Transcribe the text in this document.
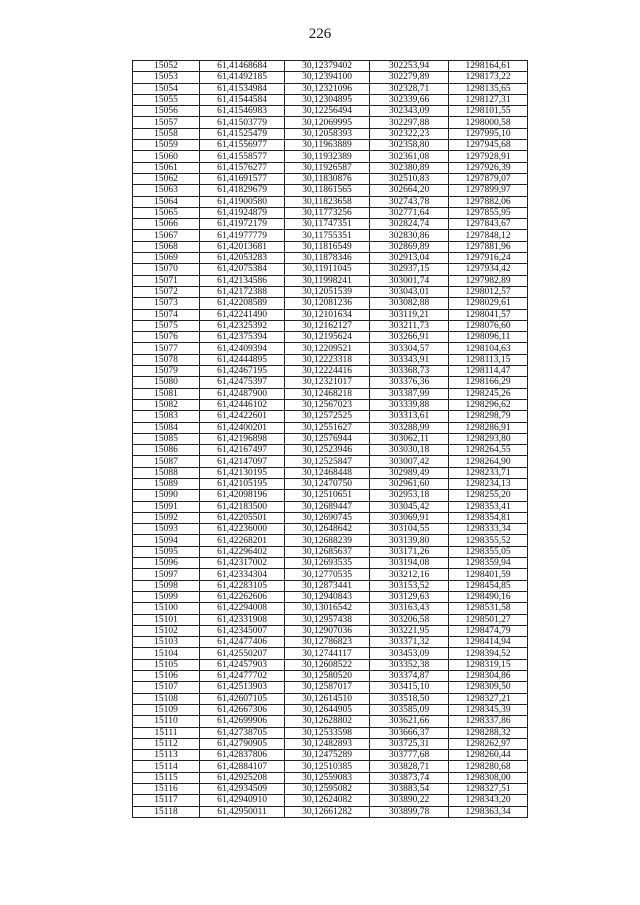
226
15052	61,41468684	30,12379402	302253,94	1298164,61
15053	61,41492185	30,12394100	302279,89	1298173,22
15054	61,41534984	30,12321096	302328,71	1298135,65
15055	61,41544584	30,12304895	302339,66	1298127,31
15056	61,41546983	30,12256494	302343,09	1298101,55
15057	61,41503779	30,12069995	302297,88	1298000,58
15058	61,41525479	30,12058393	302322,23	1297995,10
15059	61,41556977	30,11963889	302358,80	1297945,68
15060	61,41558577	30,11932389	302361,08	1297928,91
15061	61,41576277	30,11926587	302380,89	1297926,39
15062	61,41691577	30,11830876	302510,83	1297879,07
15063	61,41829679	30,11861565	302664,20	1297899,97
15064	61,41900580	30,11823658	302743,78	1297882,06
15065	61,41924879	30,11773256	302771,64	1297855,95
15066	61,41972179	30,11747351	302824,74	1297843,67
15067	61,41977779	30,11755351	302830,86	1297848,12
15068	61,42013681	30,11816549	302869,89	1297881,96
15069	61,42053283	30,11878346	302913,04	1297916,24
15070	61,42075384	30,11911045	302937,15	1297934,42
15071	61,42134586	30,11998241	303001,74	1297982,89
15072	61,42172388	30,12051539	303043,01	1298012,57
15073	61,42208589	30,12081236	303082,88	1298029,61
15074	61,42241490	30,12101634	303119,21	1298041,57
15075	61,42325392	30,12162127	303211,73	1298076,60
15076	61,42375394	30,12195624	303266,91	1298096,11
15077	61,42409394	30,12209521	303304,57	1298104,63
15078	61,42444895	30,12223318	303343,91	1298113,15
15079	61,42467195	30,12224416	303368,73	1298114,47
15080	61,42475397	30,12321017	303376,36	1298166,29
15081	61,42487900	30,12468218	303387,99	1298245,26
15082	61,42446102	30,12567023	303339,88	1298296,62
15083	61,42422601	30,12572525	303313,61	1298298,79
15084	61,42400201	30,12551627	303288,99	1298286,91
15085	61,42196898	30,12576944	303062,11	1298293,80
15086	61,42167497	30,12523946	303030,18	1298264,55
15087	61,42147097	30,12525847	303007,42	1298264,90
15088	61,42130195	30,12468448	302989,49	1298233,71
15089	61,42105195	30,12470750	302961,60	1298234,13
15090	61,42098196	30,12510651	302953,18	1298255,20
15091	61,42183500	30,12689447	303045,42	1298353,41
15092	61,42205501	30,12690745	303069,91	1298354,81
15093	61,42236000	30,12648642	303104,55	1298333,34
15094	61,42268201	30,12688239	303139,80	1298355,52
15095	61,42296402	30,12685637	303171,26	1298355,05
15096	61,42317002	30,12693535	303194,08	1298359,94
15097	61,42334304	30,12770535	303212,16	1298401,59
15098	61,42283105	30,12873441	303153,52	1298454,85
15099	61,42262606	30,12940843	303129,63	1298490,16
15100	61,42294008	30,13016542	303163,43	1298531,58
15101	61,42331908	30,12957438	303206,58	1298501,27
15102	61,42345007	30,12907036	303221,95	1298474,79
15103	61,42477406	30,12786823	303371,32	1298414,94
15104	61,42550207	30,12744117	303453,09	1298394,52
15105	61,42457903	30,12608522	303352,38	1298319,15
15106	61,42477702	30,12580520	303374,87	1298304,86
15107	61,42513903	30,12587017	303415,10	1298309,50
15108	61,42607105	30,12614510	303518,50	1298327,21
15109	61,42667306	30,12644905	303585,09	1298345,39
15110	61,42699906	30,12628802	303621,66	1298337,86
15111	61,42738705	30,12533598	303666,37	1298288,32
15112	61,42790905	30,12482893	303725,31	1298262,97
15113	61,42837806	30,12475289	303777,68	1298260,44
15114	61,42884107	30,12510385	303828,71	1298280,68
15115	61,42925208	30,12559083	303873,74	1298308,00
15116	61,42934509	30,12595082	303883,54	1298327,51
15117	61,42940910	30,12624082	303890,22	1298343,20
15118	61,42950011	30,12661282	303899,78	1298363,34
